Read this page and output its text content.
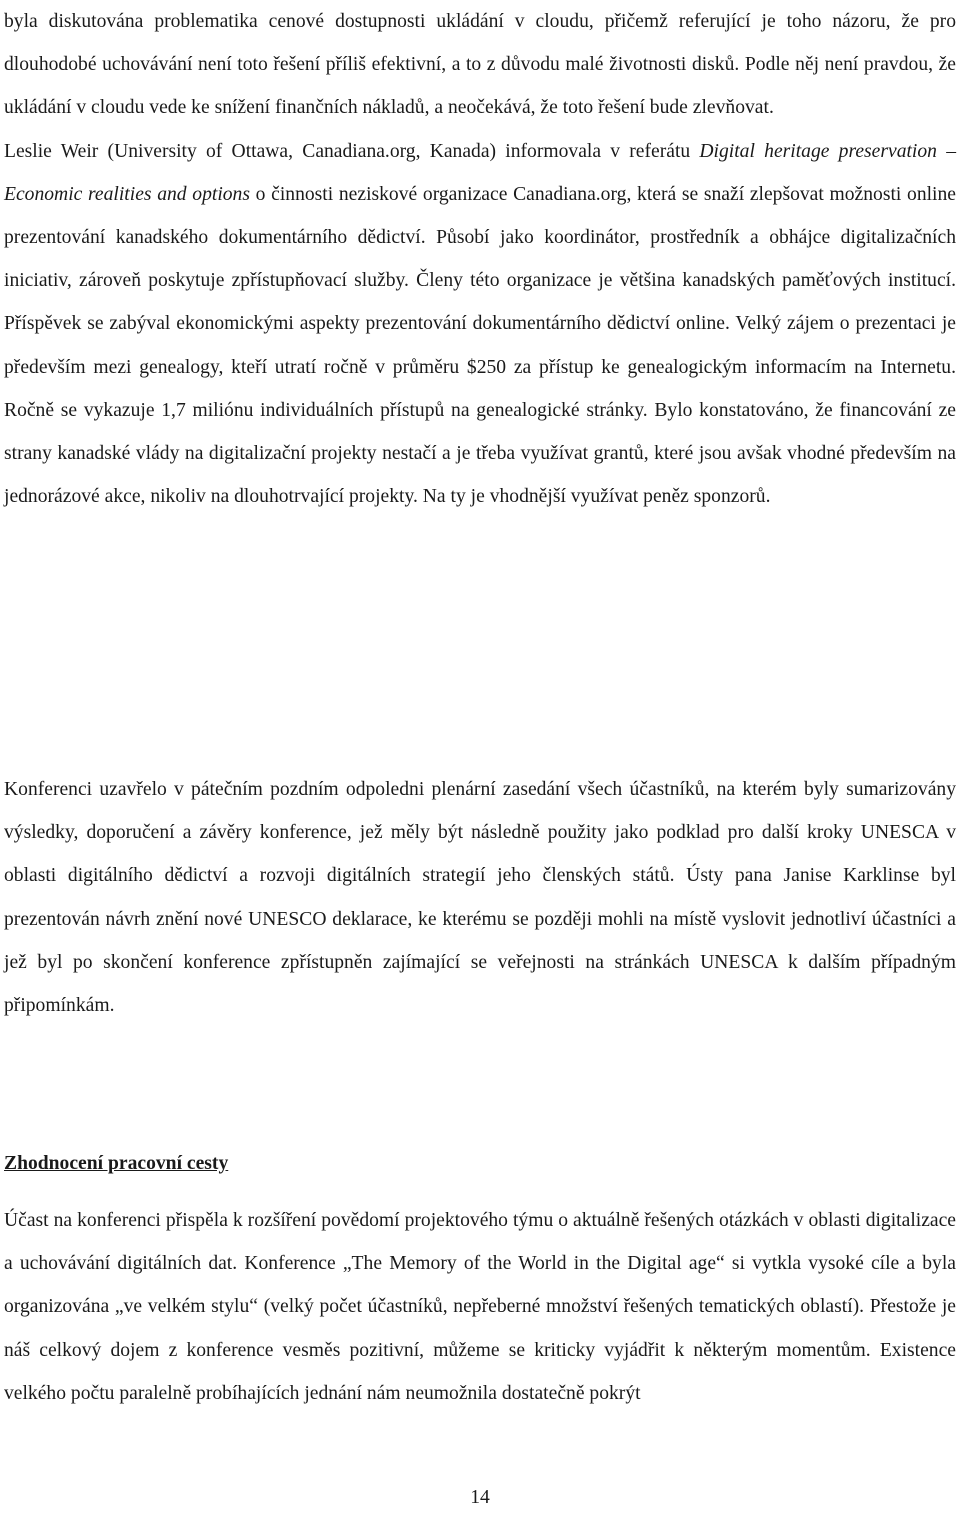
byla diskutována problematika cenové dostupnosti ukládání v cloudu, přičemž referující je toho názoru, že pro dlouhodobé uchovávání není toto řešení příliš efektivní, a to z důvodu malé životnosti disků. Podle něj není pravdou, že ukládání v cloudu vede ke snížení finančních nákladů, a neočekává, že toto řešení bude zlevňovat.

Leslie Weir (University of Ottawa, Canadiana.org, Kanada) informovala v referátu Digital heritage preservation – Economic realities and options o činnosti neziskové organizace Canadiana.org, která se snaží zlepšovat možnosti online prezentování kanadského dokumentárního dědictví. Působí jako koordinátor, prostředník a obhájce digitalizačních iniciativ, zároveň poskytuje zpřístupňovací služby. Členy této organizace je většina kanadských paměťových institucí. Příspěvek se zabýval ekonomickými aspekty prezentování dokumentárního dědictví online. Velký zájem o prezentaci je především mezi genealogy, kteří utratí ročně v průměru $250 za přístup ke genealogickým informacím na Internetu. Ročně se vykazuje 1,7 miliónu individuálních přístupů na genealogické stránky. Bylo konstatováno, že financování ze strany kanadské vlády na digitalizační projekty nestačí a je třeba využívat grantů, které jsou avšak vhodné především na jednorázové akce, nikoliv na dlouhotrvající projekty. Na ty je vhodnější využívat peněz sponzorů.

Konferenci uzavřelo v pátečním pozdním odpoledni plenární zasedání všech účastníků, na kterém byly sumarizovány výsledky, doporučení a závěry konference, jež měly být následně použity jako podklad pro další kroky UNESCA v oblasti digitálního dědictví a rozvoji digitálních strategií jeho členských států. Ústy pana Janise Karklinse byl prezentován návrh znění nové UNESCO deklarace, ke kterému se později mohli na místě vyslovit jednotliví účastníci a jež byl po skončení konference zpřístupněn zajímající se veřejnosti na stránkách UNESCA k dalším případným připomínkám.

Zhodnocení pracovní cesty

Účast na konferenci přispěla k rozšíření povědomí projektového týmu o aktuálně řešených otázkách v oblasti digitalizace a uchovávání digitálních dat. Konference „The Memory of the World in the Digital age“ si vytkla vysoké cíle a byla organizována „ve velkém stylu“ (velký počet účastníků, nepřeberné množství řešených tematických oblastí). Přestože je náš celkový dojem z konference vesměs pozitivní, můžeme se kriticky vyjádřit k některým momentům. Existence velkého počtu paralelně probíhajících jednání nám neumožnila dostatečně pokrýt

14
